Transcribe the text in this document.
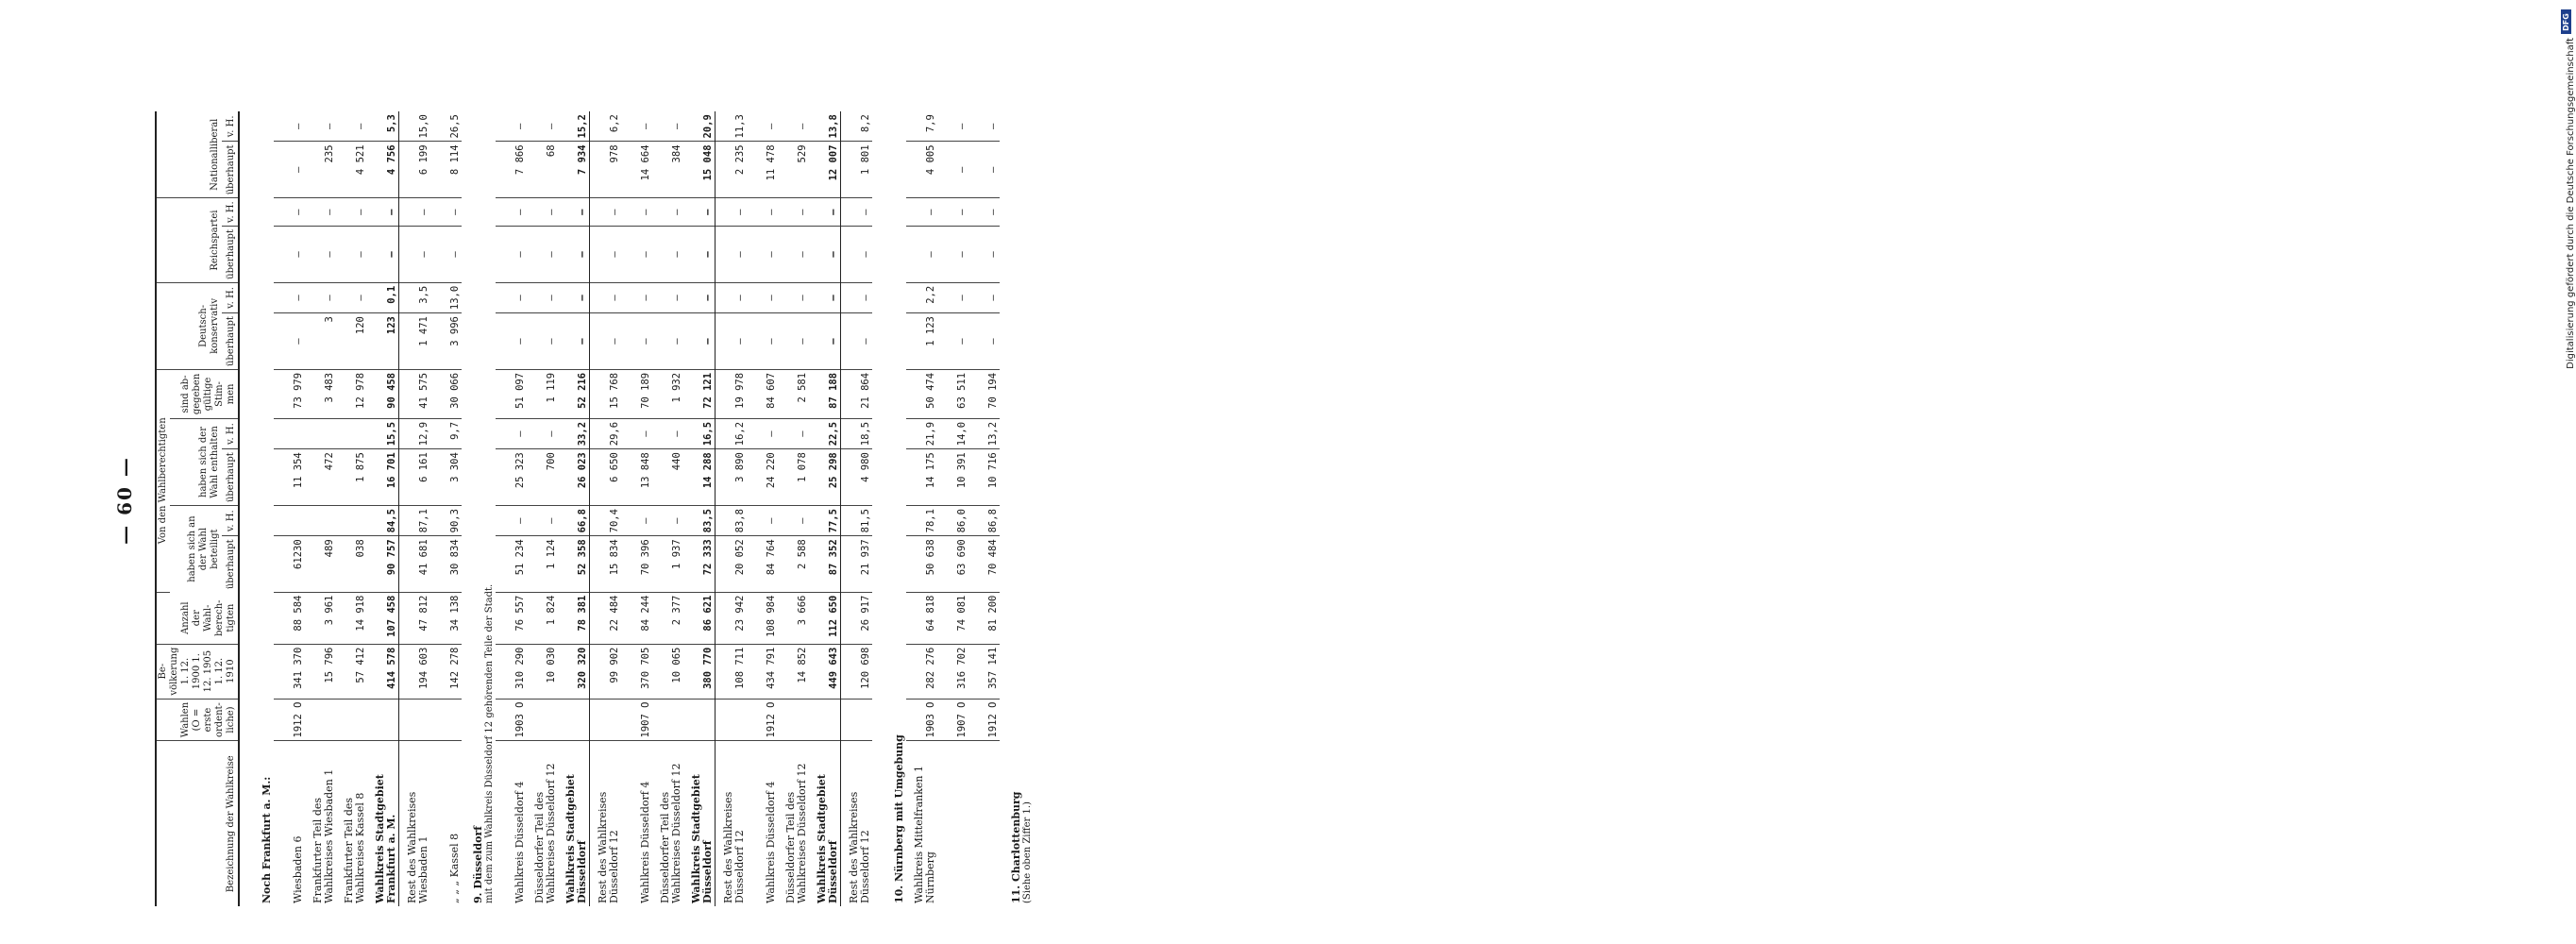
DFG
Digitalisierung gefördert durch die Deutsche Forschungsgemeinschaft
— 60 —
Bezeichnung der Wahlkreise	Wahlen (O = erste ordentliche)	Bevölkerung 1. 12. 1900 1. 12. 1905 1. 12. 1910	Anzahl der Wahlberechtigten	Von den Wahlberechtigten					Deutschkonservativ		Reichspartei		Nationalliberal	
				haben sich an der Wahl beteiligt		haben sich der Wahl enthalten		sind abgegeben gültige Stimmen						
				überhaupt	v. H.	überhaupt	v. H.		überhaupt	v. H.	überhaupt	v. H.	überhaupt	v. H.
Noch Frankfurt a. M.:														
Wiesbaden 6	1912 O	341 370	88 584	61230		11 354		73 979	—	—	—	—	—	—
Frankfurter Teil des Wahlkreises Wiesbaden 1		15 796	3 961	489		472		3 483	3	—	—	—	235	—
Frankfurter Teil des Wahlkreises Kassel 8		57 412	14 918	038		1 875		12 978	120	—	—	—	4 521	—
Wahlkreis Stadtgebiet Frankfurt a. M.		414 578	107 458	90 757	84,5	16 701	15,5	90 458	123	0,1	—	—	4 756	5,3
Rest des Wahlkreises Wiesbaden 1		194 603	47 812	41 681	87,1	6 161	12,9	41 575	1 471	3,5	—	—	6 199	15,0
„ „ „ Kassel 8		142 278	34 138	30 834	90,3	3 304	9,7	30 066	3 996	13,0	—	—	8 114	26,5
9. Düsseldorf mit dem zum Wahlkreis Düsseldorf 12 gehörenden Teile der Stadt.														

Wahlkreis Düsseldorf 4	1903 O	310 290	76 557	51 234	—	25 323	—	51 097	—	—	—	—	7 866	—
Düsseldorfer Teil des Wahlkreises Düsseldorf 12		10 030	1 824	1 124	—	700	—	1 119	—	—	—	—	68	—
Wahlkreis Stadtgebiet Düsseldorf		320 320	78 381	52 358	66,8	26 023	33,2	52 216	—	—	—	—	7 934	15,2
Rest des Wahlkreises Düsseldorf 12		99 902	22 484	15 834	70,4	6 650	29,6	15 768	—	—	—	—	978	6,2
Wahlkreis Düsseldorf 4	1907 O	370 705	84 244	70 396	—	13 848	—	70 189	—	—	—	—	14 664	—
Düsseldorfer Teil des Wahlkreises Düsseldorf 12		10 065	2 377	1 937	—	440	—	1 932	—	—	—	—	384	—
Wahlkreis Stadtgebiet Düsseldorf		380 770	86 621	72 333	83,5	14 288	16,5	72 121	—	—	—	—	15 048	20,9
Rest des Wahlkreises Düsseldorf 12		108 711	23 942	20 052	83,8	3 890	16,2	19 978	—	—	—	—	2 235	11,3
Wahlkreis Düsseldorf 4	1912 O	434 791	108 984	84 764	—	24 220	—	84 607	—	—	—	—	11 478	—
Düsseldorfer Teil des Wahlkreises Düsseldorf 12		14 852	3 666	2 588	—	1 078	—	2 581	—	—	—	—	529	—
Wahlkreis Stadtgebiet Düsseldorf		449 643	112 650	87 352	77,5	25 298	22,5	87 188	—	—	—	—	12 007	13,8
Rest des Wahlkreises Düsseldorf 12		120 698	26 917	21 937	81,5	4 980	18,5	21 864	—	—	—	—	1 801	8,2
10. Nürnberg mit Umgebung														
Wahlkreis Mittelfranken 1 Nürnberg	1903 O	282 276	64 818	50 638	78,1	14 175	21,9	50 474	1 123	2,2	—	—	4 005	7,9
	1907 O	316 702	74 081	63 690	86,0	10 391	14,0	63 511	—	—	—	—	—	—
	1912 O	357 141	81 200	70 484	86,8	10 716	13,2	70 194	—	—	—	—	—	—
11. Charlottenburg (Siehe oben Ziffer 1.)														
